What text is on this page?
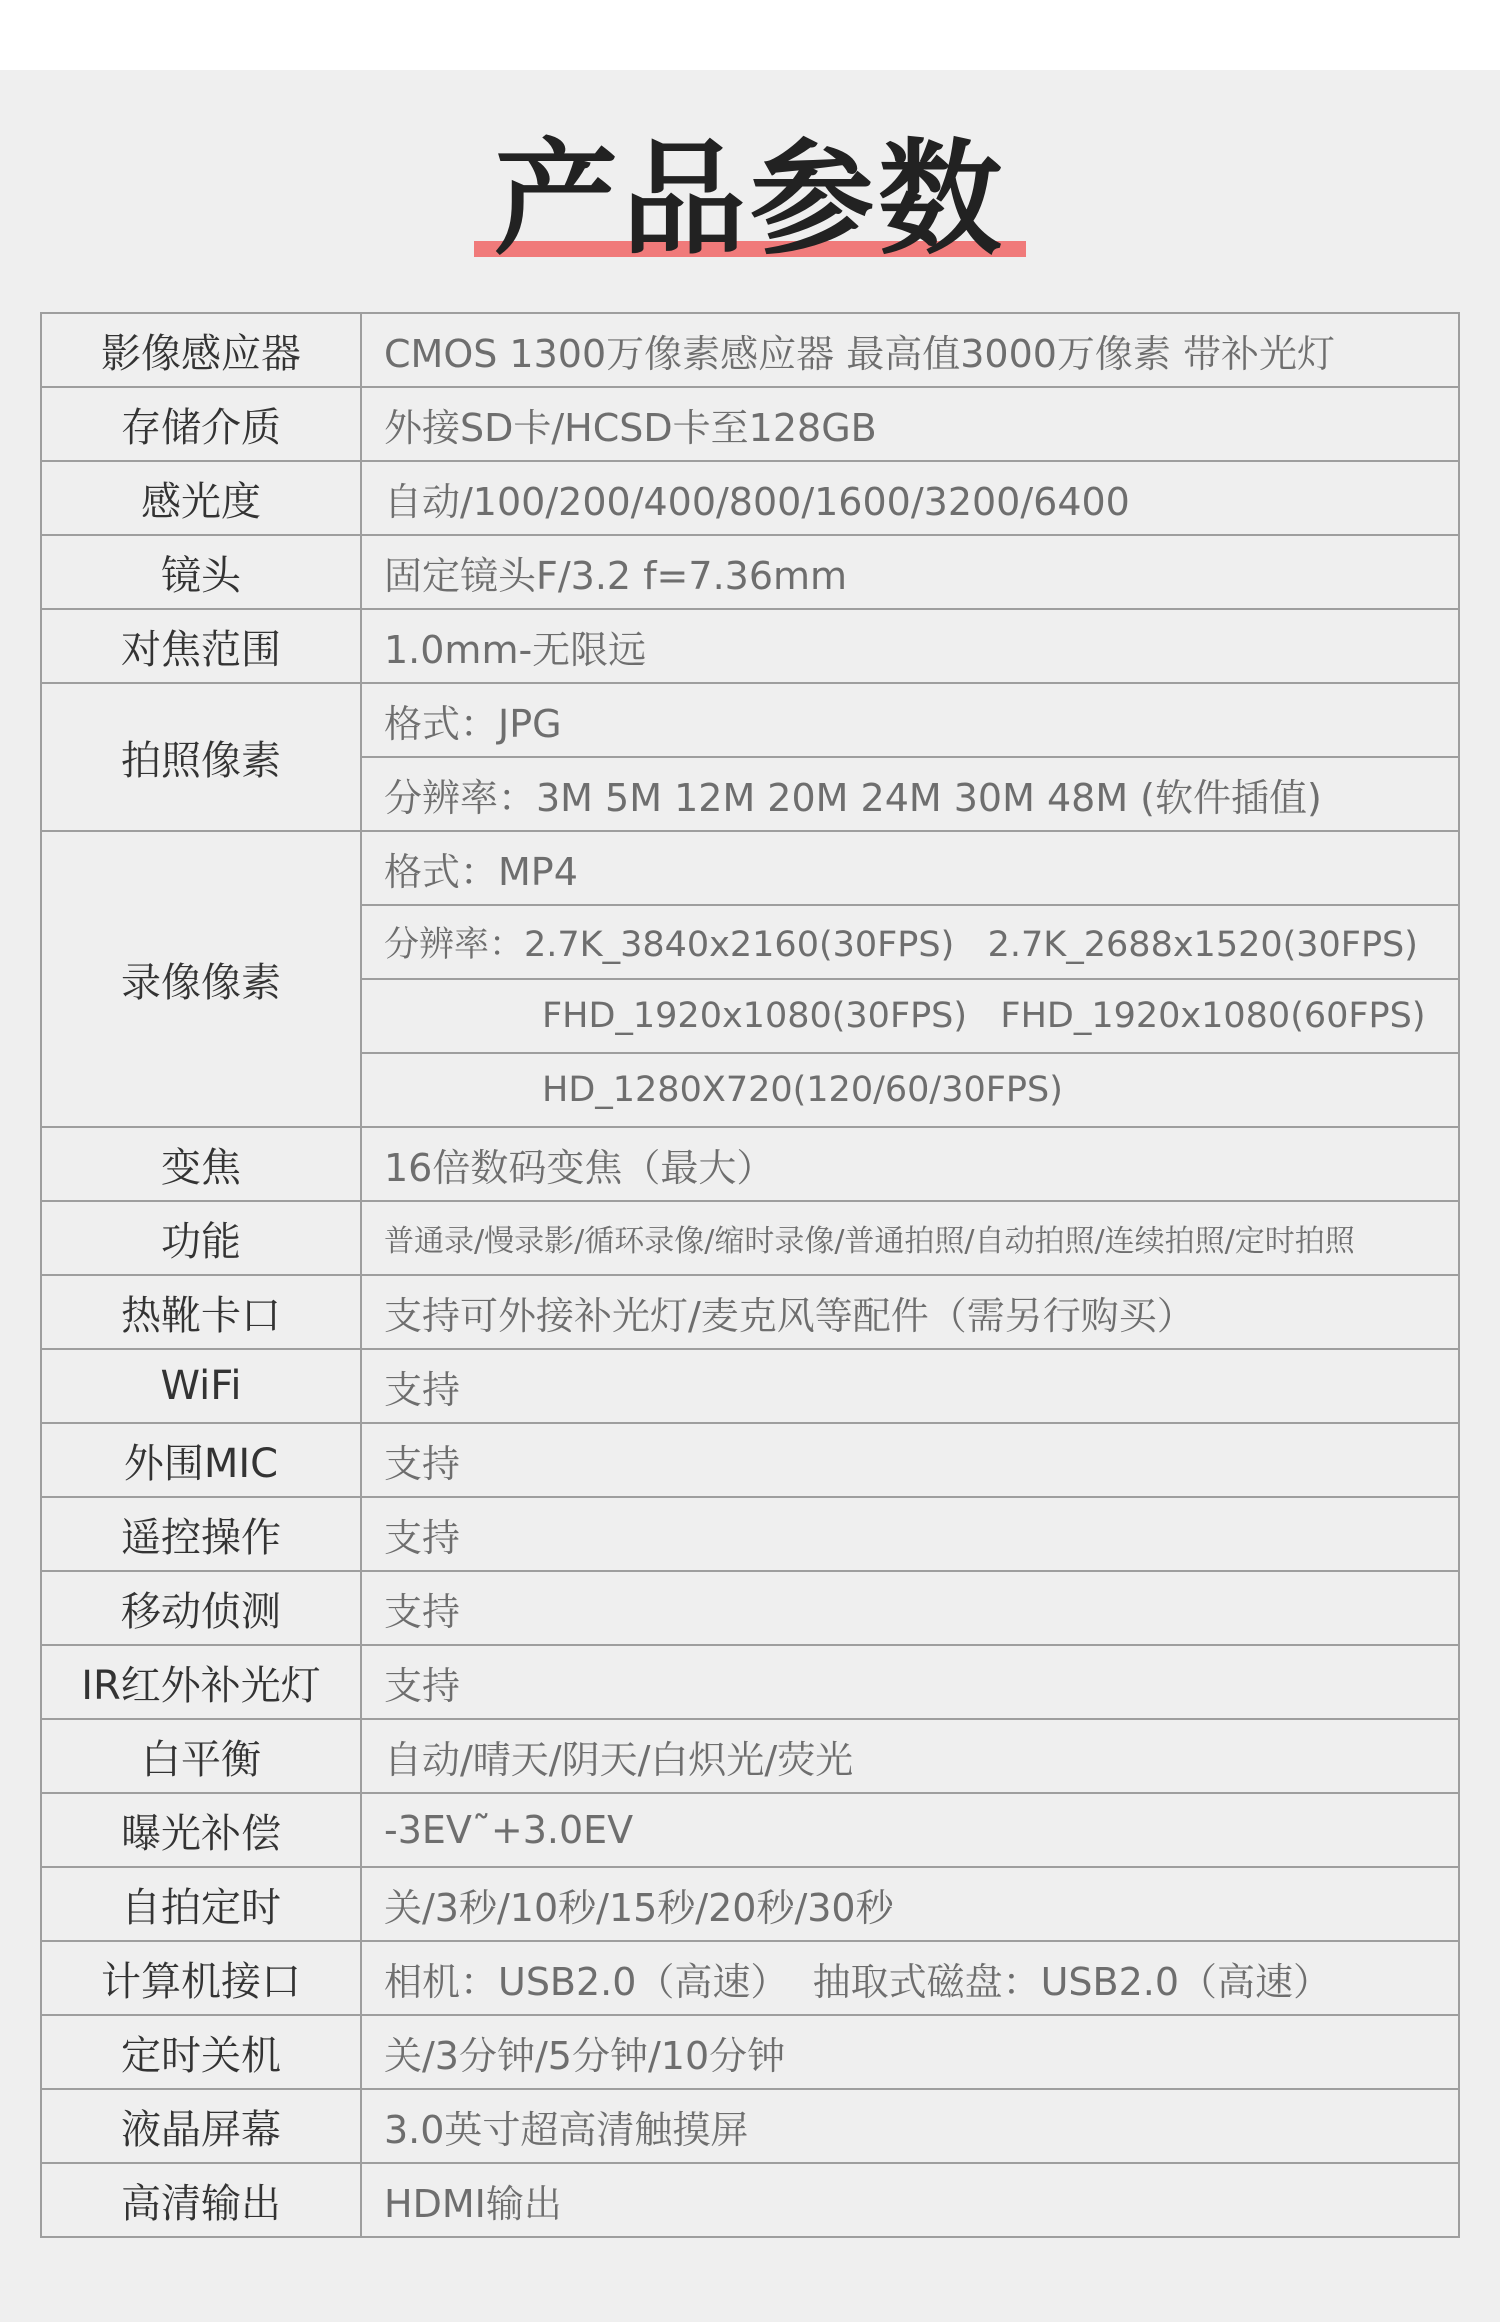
产品参数
影像感应器	CMOS 1300万像素感应器 最高值3000万像素 带补光灯
存储介质	外接SD卡/HCSD卡至128GB
感光度	自动/100/200/400/800/1600/3200/6400
镜头	固定镜头F/3.2 f=7.36mm
对焦范围	1.0mm-无限远
拍照像素	格式：JPG
	分辨率：3M 5M 12M 20M 24M 30M 48M (软件插值)
录像像素	格式：MP4
	分辨率：2.7K_3840x2160(30FPS)   2.7K_2688x1520(30FPS)
	FHD_1920x1080(30FPS)   FHD_1920x1080(60FPS)
	HD_1280X720(120/60/30FPS)
变焦	16倍数码变焦（最大）
功能	普通录/慢录影/循环录像/缩时录像/普通拍照/自动拍照/连续拍照/定时拍照
热靴卡口	支持可外接补光灯/麦克风等配件（需另行购买）
WiFi	支持
外围MIC	支持
遥控操作	支持
移动侦测	支持
IR红外补光灯	支持
白平衡	自动/晴天/阴天/白炽光/荧光
曝光补偿	-3EV˜+3.0EV
自拍定时	关/3秒/10秒/15秒/20秒/30秒
计算机接口	相机：USB2.0（高速）  抽取式磁盘：USB2.0（高速）
定时关机	关/3分钟/5分钟/10分钟
液晶屏幕	3.0英寸超高清触摸屏
高清输出	HDMI输出
